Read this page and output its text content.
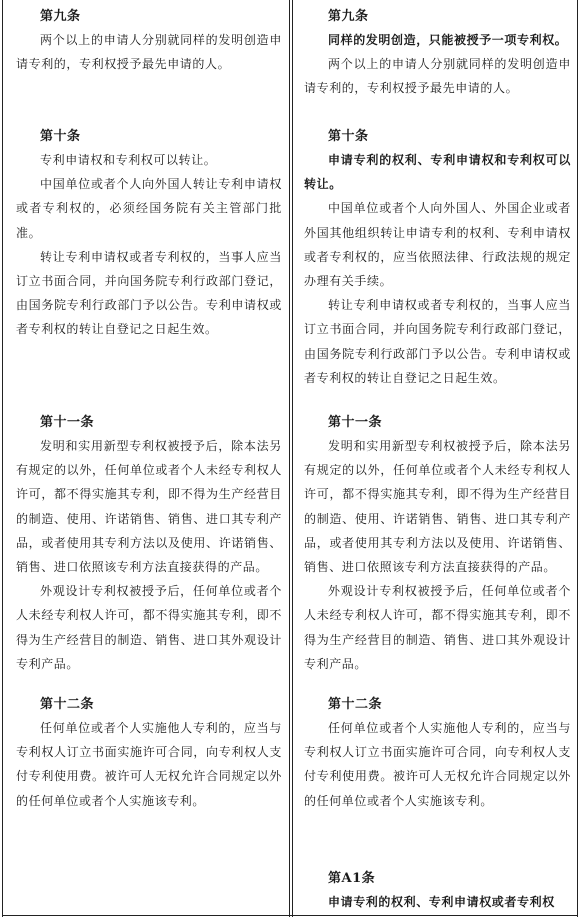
第九条

两个以上的申请人分别就同样的发明创造申请专利的，专利权授予最先申请的人。

第十条

专利申请权和专利权可以转让。

中国单位或者个人向外国人转让专利申请权或者专利权的，必须经国务院有关主管部门批准。

转让专利申请权或者专利权的，当事人应当订立书面合同，并向国务院专利行政部门登记，由国务院专利行政部门予以公告。专利申请权或者专利权的转让自登记之日起生效。

第十一条

发明和实用新型专利权被授予后，除本法另有规定的以外，任何单位或者个人未经专利权人许可，都不得实施其专利，即不得为生产经营目的制造、使用、许诺销售、销售、进口其专利产品，或者使用其专利方法以及使用、许诺销售、销售、进口依照该专利方法直接获得的产品。

外观设计专利权被授予后，任何单位或者个人未经专利权人许可，都不得实施其专利，即不得为生产经营目的制造、销售、进口其外观设计专利产品。

第十二条

任何单位或者个人实施他人专利的，应当与专利权人订立书面实施许可合同，向专利权人支付专利使用费。被许可人无权允许合同规定以外的任何单位或者个人实施该专利。

第九条

同样的发明创造，只能被授予一项专利权。

两个以上的申请人分别就同样的发明创造申请专利的，专利权授予最先申请的人。

第十条

申请专利的权利、专利申请权和专利权可以转让。

中国单位或者个人向外国人、外国企业或者外国其他组织转让申请专利的权利、专利申请权或者专利权的，应当依照法律、行政法规的规定办理有关手续。

转让专利申请权或者专利权的，当事人应当订立书面合同，并向国务院专利行政部门登记，由国务院专利行政部门予以公告。专利申请权或者专利权的转让自登记之日起生效。

第十一条

发明和实用新型专利权被授予后，除本法另有规定的以外，任何单位或者个人未经专利权人许可，都不得实施其专利，即不得为生产经营目的制造、使用、许诺销售、销售、进口其专利产品，或者使用其专利方法以及使用、许诺销售、销售、进口依照该专利方法直接获得的产品。

外观设计专利权被授予后，任何单位或者个人未经专利权人许可，都不得实施其专利，即不得为生产经营目的制造、销售、进口其外观设计专利产品。

第十二条

任何单位或者个人实施他人专利的，应当与专利权人订立书面实施许可合同，向专利权人支付专利使用费。被许可人无权允许合同规定以外的任何单位或者个人实施该专利。

第A1条

申请专利的权利、专利申请权或者专利权
